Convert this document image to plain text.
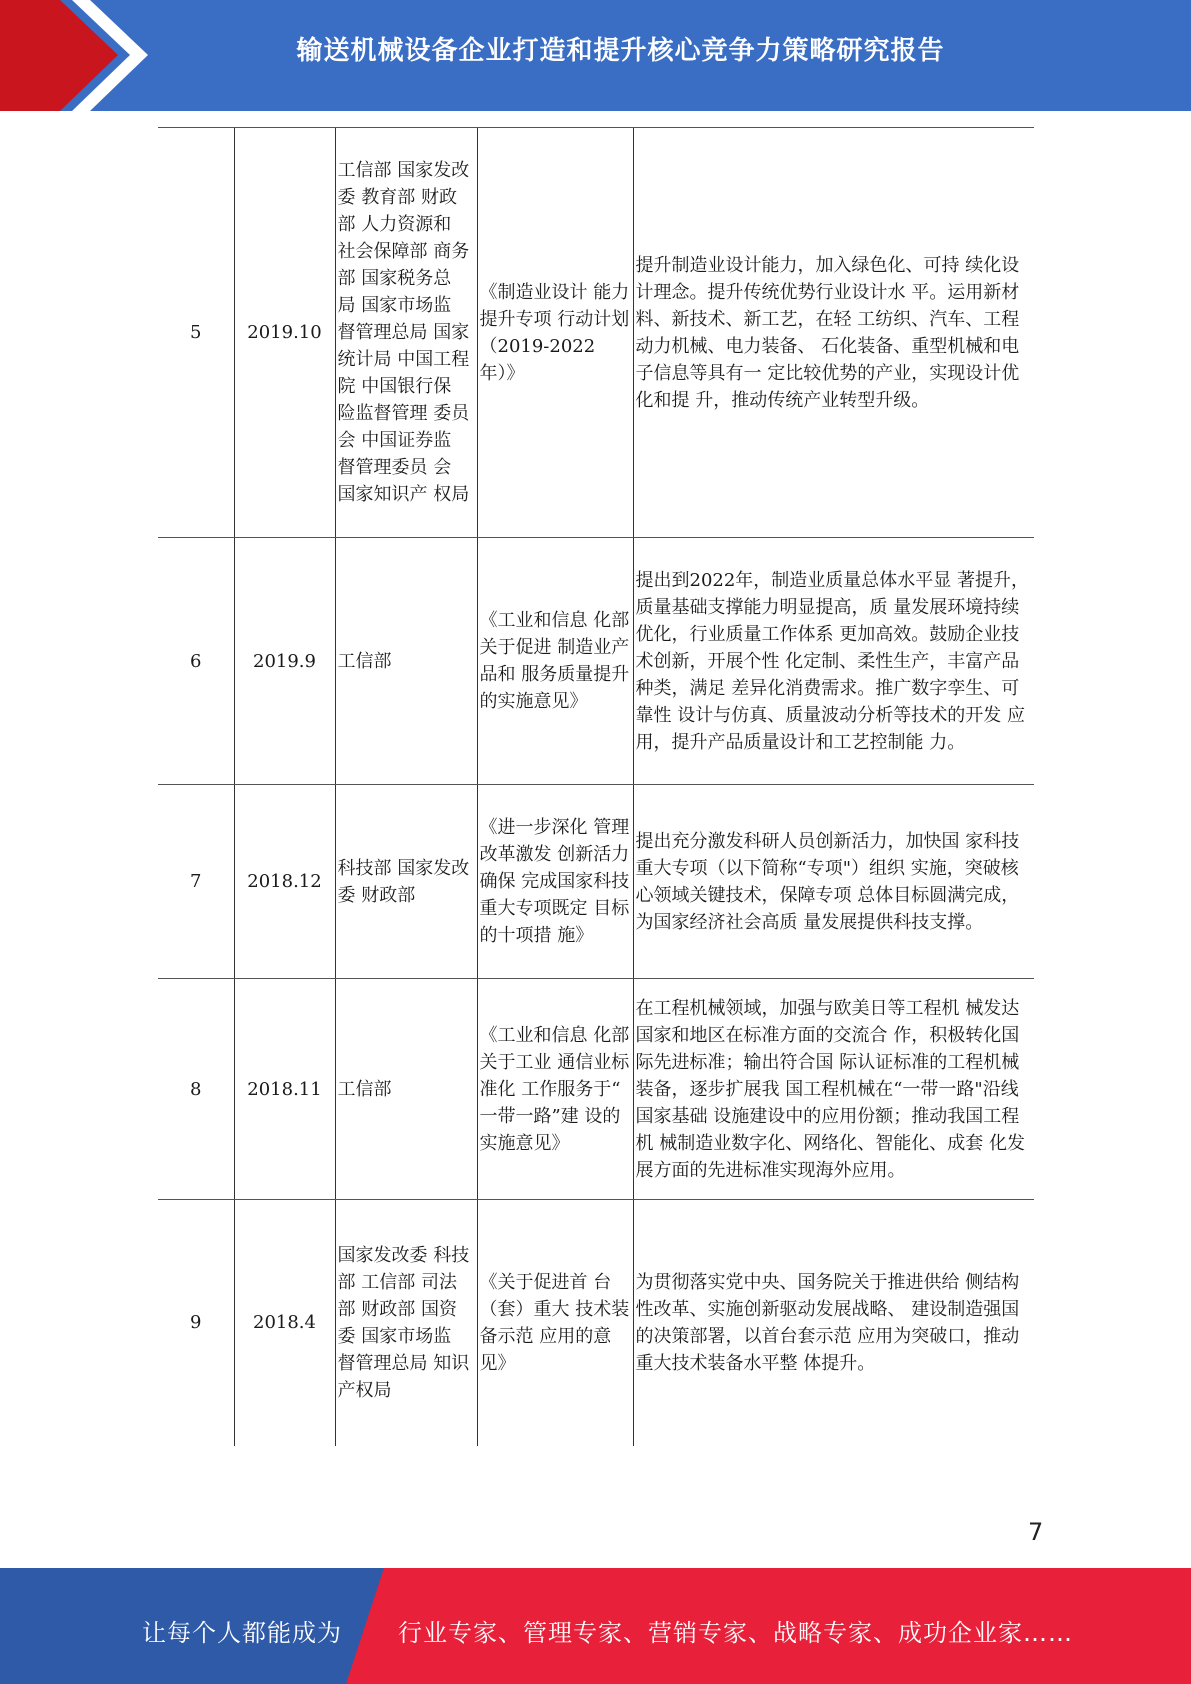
输送机械设备企业打造和提升核心竞争力策略研究报告
5	2019.10	工信部 国家发改委 教育部 财政部 人力资源和 社会保障部 商务部 国家税务总 局 国家市场监 督管理总局 国家统计局 中国工程院 中国银行保 险监督管理 委员会 中国证券监 督管理委员 会 国家知识产 权局	《制造业设计 能力提升专项 行动计划（2019-2022年）》	提升制造业设计能力，加入绿色化、可持 续化设计理念。提升传统优势行业设计水 平。运用新材料、新技术、新工艺，在轻 工纺织、汽车、工程动力机械、电力装备、 石化装备、重型机械和电子信息等具有一 定比较优势的产业，实现设计优化和提 升，推动传统产业转型升级。
6	2019.9	工信部	《工业和信息 化部关于促进 制造业产品和 服务质量提升 的实施意见》	提出到2022年，制造业质量总体水平显 著提升，质量基础支撑能力明显提高，质 量发展环境持续优化，行业质量工作体系 更加高效。鼓励企业技术创新，开展个性 化定制、柔性生产，丰富产品种类，满足 差异化消费需求。推广数字孪生、可靠性 设计与仿真、质量波动分析等技术的开发 应用，提升产品质量设计和工艺控制能 力。
7	2018.12	科技部 国家发改委 财政部	《进一步深化 管理改革激发 创新活力确保 完成国家科技 重大专项既定 目标的十项措 施》	提出充分激发科研人员创新活力，加快国 家科技重大专项（以下简称“专项"）组织 实施，突破核心领域关键技术，保障专项 总体目标圆满完成，为国家经济社会高质 量发展提供科技支撑。
8	2018.11	工信部	《工业和信息 化部关于工业 通信业标准化 工作服务于“ 一带一路”建 设的实施意见》	在工程机械领域，加强与欧美日等工程机 械发达国家和地区在标准方面的交流合 作，积极转化国际先进标准；输出符合国 际认证标准的工程机械装备，逐步扩展我 国工程机械在“一带一路"沿线国家基础 设施建设中的应用份额；推动我国工程机 械制造业数字化、网络化、智能化、成套 化发展方面的先进标准实现海外应用。
9	2018.4	国家发改委 科技部 工信部 司法部 财政部 国资委 国家市场监 督管理总局 知识产权局	《关于促进首 台（套）重大 技术装备示范 应用的意见》	为贯彻落实党中央、国务院关于推进供给 侧结构性改革、实施创新驱动发展战略、 建设制造强国的决策部署，以首台套示范 应用为突破口，推动重大技术装备水平整 体提升。
7
让每个人都能成为 行业专家、管理专家、营销专家、战略专家、成功企业家……
